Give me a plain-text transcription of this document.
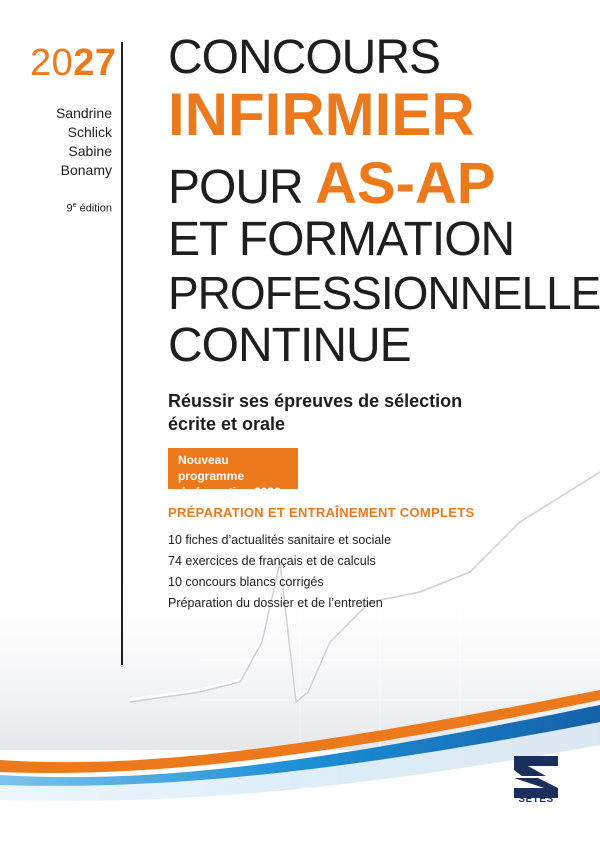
2027

Sandrine

Schlick

Sabine

Bonamy

9e édition
CONCOURS
INFIRMIER
POUR AS-AP
ET FORMATION
PROFESSIONNELLE
CONTINUE
Réussir ses épreuves de sélection
écrite et orale
Nouveau programme
de formation 2026
PRÉPARATION ET ENTRAÎNEMENT COMPLETS
10 fiches d’actualités sanitaire et sociale
74 exercices de français et de calculs
10 concours blancs corrigés
Préparation du dossier et de l’entretien
SETES
